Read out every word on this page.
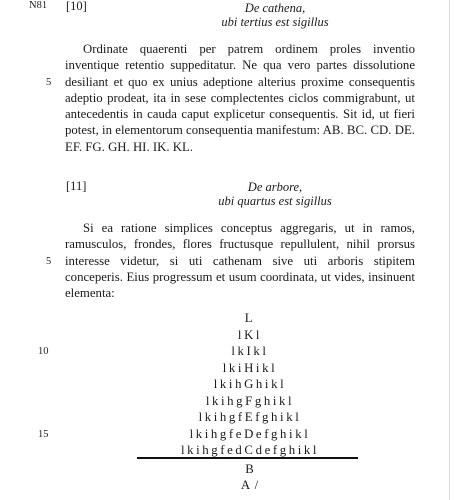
N81 [10]	De cathena,
ubi tertius est sigillus

Ordinate quaerenti per patrem ordinem proles inventio inventique retentio suppeditatur. Ne qua vero partes dissolutione desiliant et quo ex unius adeptione alterius proxime consequentis adeptio prodeat, ita in sese complectentes ciclos commigrabunt, ut antecedentis in cauda caput explicetur consequentis. Sit id, ut fieri potest, in elementorum consequentia manifestum: AB. BC. CD. DE. EF. FG. GH. HI. IK. KL.

5
[11]	De arbore,
ubi quartus est sigillus

Si ea ratione simplices conceptus aggregaris, ut in ramos, ramusculos, frondes, flores fructusque repullulent, nihil prorsus interesse videtur, si uti cathenam sive uti arboris stipitem conceperis. Eius progressum et usum coordinata, ut vides, insinuent elementa:

5
L
lKl
lkIkl
lkiHikl
lkihGhikl
lkihgFghikl
lkihgfEfghikl
lkihgfeDefghikl
lkihgfedCdefghikl
B
A /
10
15
